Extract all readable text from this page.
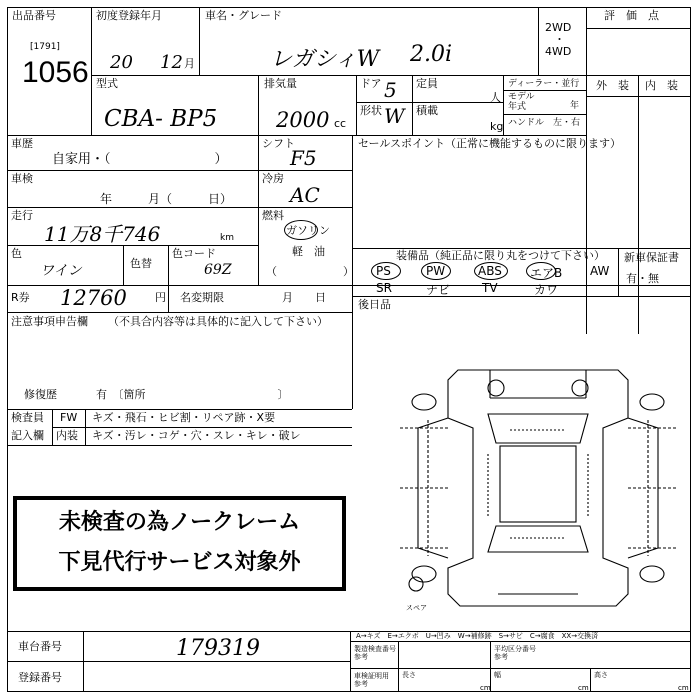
出品番号
[1791]
1056
初度登録年月
20 12 月
車名・グレード
レガシィW 2.0i
2WD
・
4WD
評　価　点
型式
CBA- BP5
排気量
2000 cc
ドア 5
形状 W
定員
人
積載
kg
ディーラー・並行
モデル
年式	年
ハンドル　左・右
外　装 内　装
車歴
自家用・（　　　　　　　　）
シフト
F5
セールスポイント（正常に機能するものに限ります）
車検
年　　　月（　　　日）
冷房
AC
走行
11万8千746	km
燃料
ガソリン
軽　油
（　　　　　　）
色
ワイン	色替
色コード
69Z
装備品（純正品に限り丸をつけて下さい） 新車保証書
有・無
PS	PW	ABS エアB AW
SR	ナビ	TV	カワ
R券 12760	円 名変期限	月　　日
後日品
注意事項申告欄 （不具合内容等は具体的に記入して下さい）
修復歴	有　〔箇所　　　　　　　　　　　　〕
検査員
記入欄
FW キズ・飛石・ヒビ割・リペア跡・X要
内装 キズ・汚レ・コゲ・穴・スレ・キレ・破レ
未検査の為ノークレーム
下見代行サービス対象外
スペア
A→キズ　E→エクボ　U→凹み　W→補修跡　S→サビ　C→腐食　XX→交換済
車台番号	179319
登録番号
製造検査番号
参考
平均区分番号
参考
車検証明用
参考
長さ	幅	高さ
cm	cm	cm
